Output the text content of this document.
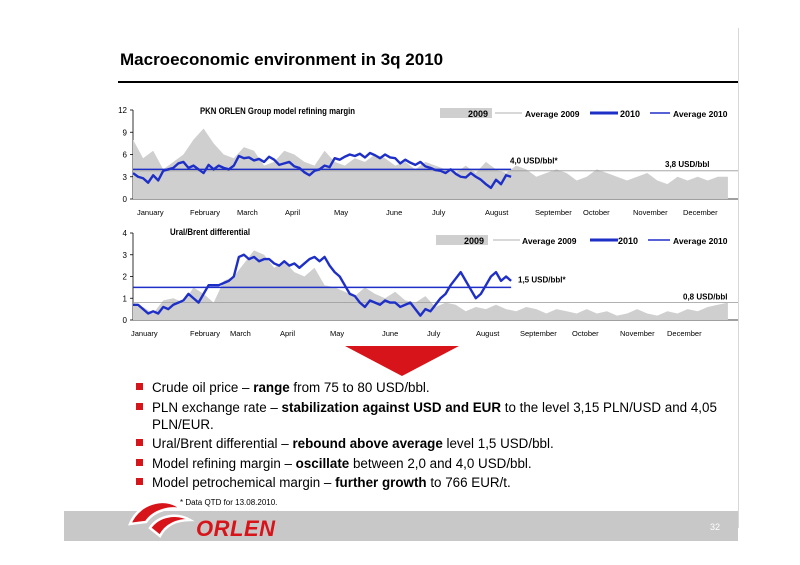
Macroeconomic environment in 3q 2010
0
3
6
9
12	PKN ORLEN Group model refining margin
January	February March	April	May	June	July	August	September October	November December
2009	Average 2009	2010	Average 2010
4,0 USD/bbl*	3,8 USD/bbl
0
1
2
3
4	Ural/Brent differential
January	February March	April	May	June	July	August	September October	November December
2009	Average 2009	2010	Average 2010
1,5 USD/bbl*
0,8 USD/bbl
Crude oil price – range from 75 to 80 USD/bbl.
PLN exchange rate – stabilization against USD and EUR to the level 3,15 PLN/USD and 4,05 PLN/EUR.
Ural/Brent differential – rebound above average level 1,5 USD/bbl.
Model refining margin – oscillate between 2,0 and 4,0 USD/bbl.
Model petrochemical margin – further growth to 766 EUR/t.
* Data QTD for 13.08.2010.
ORLEN	32
